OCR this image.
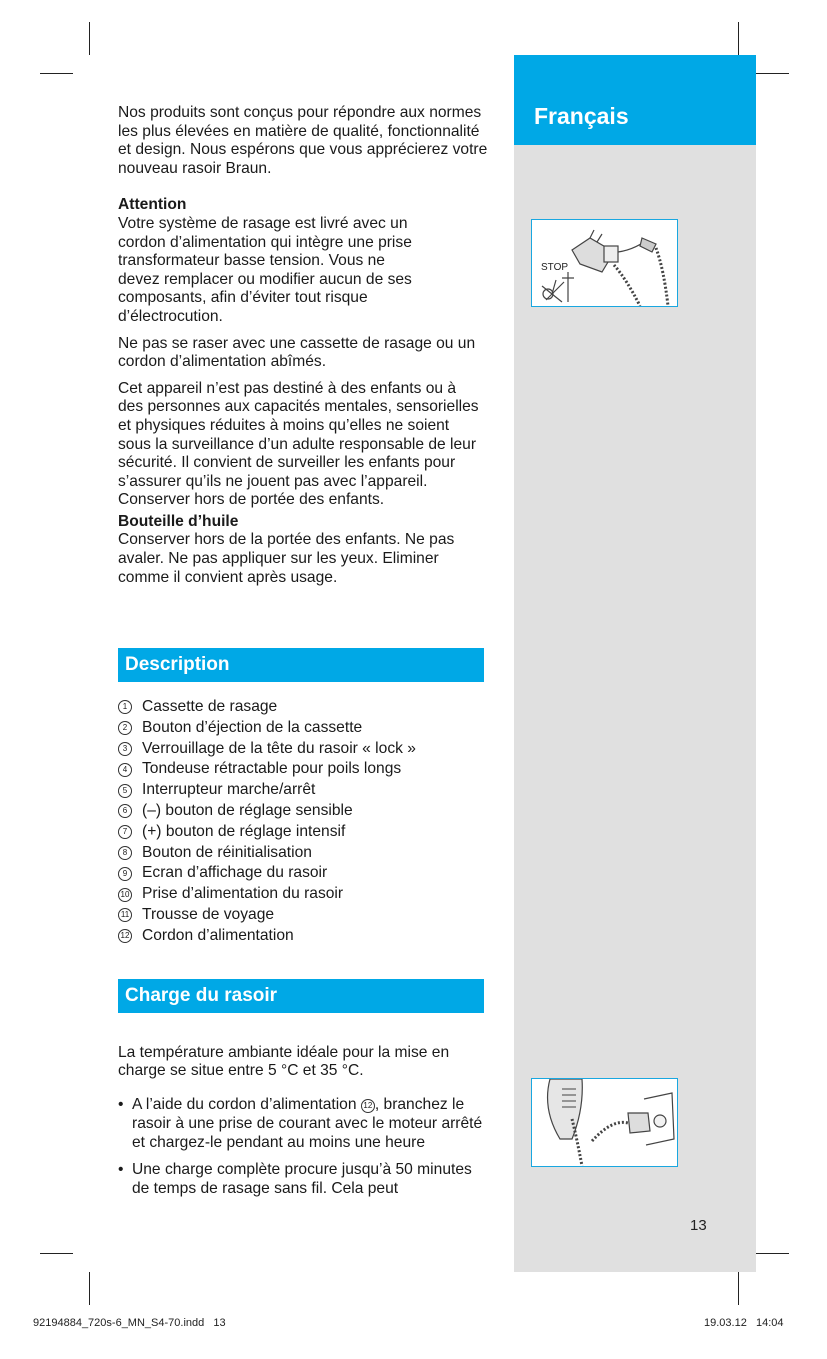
Français
STOP
13

Nos produits sont conçus pour répondre aux normes les plus élevées en matière de qualité, fonctionnalité et design. Nous espérons que vous apprécierez votre nouveau rasoir Braun.

Attention

Votre système de rasage est livré avec un cordon d’alimentation qui intègre une prise transformateur basse tension. Vous ne devez remplacer ou modifier aucun de ses composants, afin d’éviter tout risque d’électrocution.

Ne pas se raser avec une cassette de rasage ou un cordon d’alimentation abîmés.

Cet appareil n’est pas destiné à des enfants ou à des personnes aux capacités mentales, sensorielles et physiques réduites à moins qu’elles ne soient sous la surveillance d’un adulte responsable de leur sécurité. Il convient de surveiller les enfants pour s’assurer qu’ils ne jouent pas avec l’appareil. Conserver hors de portée des enfants.

Bouteille d’huile

Conserver hors de la portée des enfants. Ne pas avaler. Ne pas appliquer sur les yeux. Eliminer comme il convient après usage.

Description
1 Cassette de rasage
2 Bouton d’éjection de la cassette
3 Verrouillage de la tête du rasoir « lock »
4 Tondeuse rétractable pour poils longs
5 Interrupteur marche/arrêt
6 (–) bouton de réglage sensible
7 (+) bouton de réglage intensif
8 Bouton de réinitialisation
9 Ecran d’affichage du rasoir
10 Prise d’alimentation du rasoir
11 Trousse de voyage
12 Cordon d’alimentation
Charge du rasoir

La température ambiante idéale pour la mise en charge se situe entre 5 °C et 35 °C.

• A l’aide du cordon d’alimentation 12 , branchez le rasoir à une prise de courant avec le moteur arrêté et chargez-le pendant au moins une heure
• Une charge complète procure jusqu’à 50 minutes de temps de rasage sans fil. Cela peut
92194884_720s-6_MN_S4-70.indd   13	19.03.12   14:04
